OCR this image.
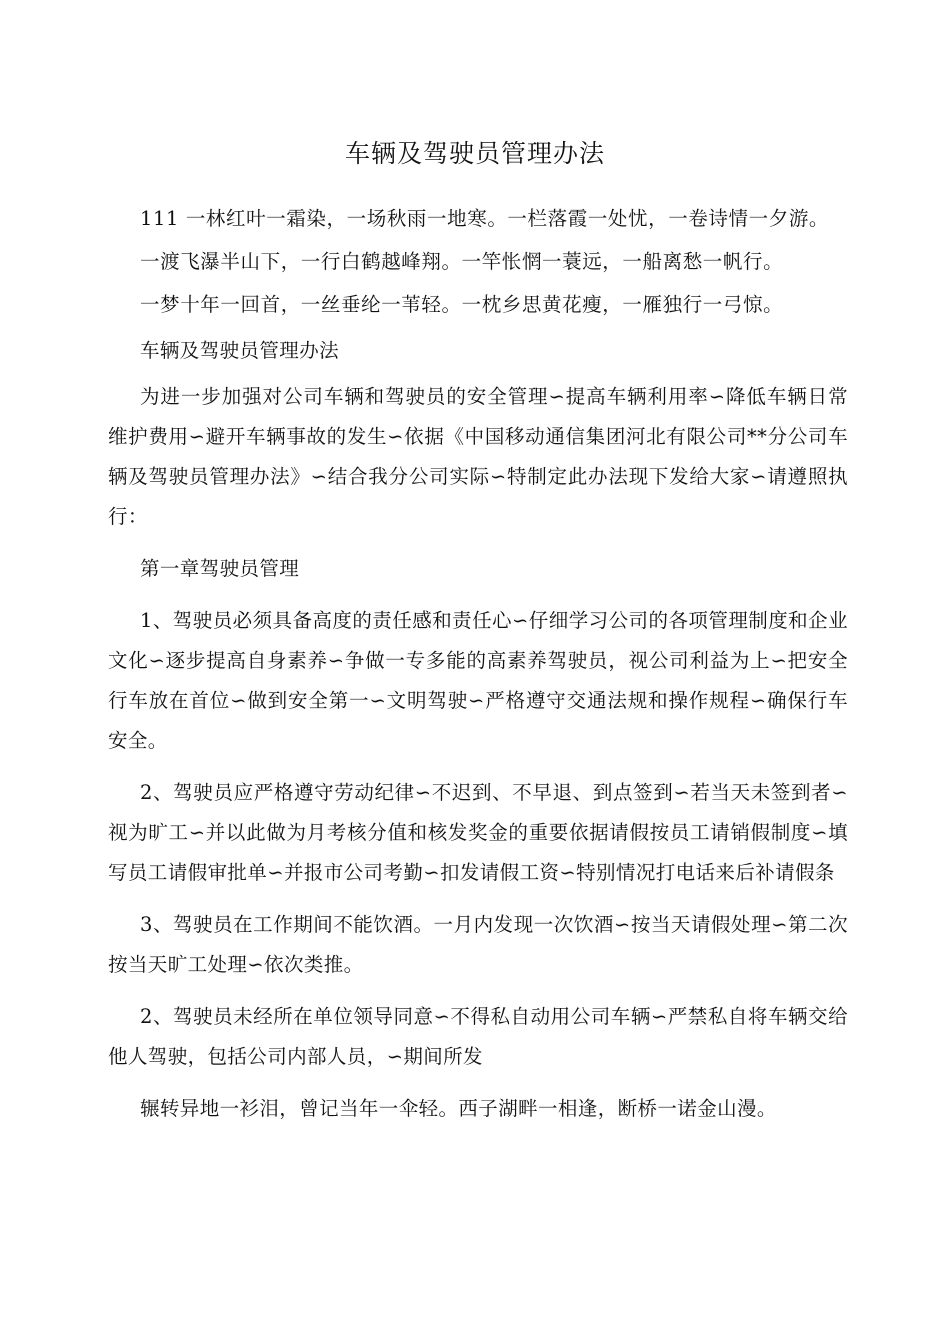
车辆及驾驶员管理办法

111 一林红叶一霜染，一场秋雨一地寒。一栏落霞一处忧，一卷诗情一夕游。

一渡飞瀑半山下，一行白鹤越峰翔。一竿怅惘一蓑远，一船离愁一帆行。

一梦十年一回首，一丝垂纶一苇轻。一枕乡思黄花瘦，一雁独行一弓惊。

车辆及驾驶员管理办法

为进一步加强对公司车辆和驾驶员的安全管理∽提高车辆利用率∽降低车辆日常维护费用∽避开车辆事故的发生∽依据《中国移动通信集团河北有限公司**分公司车辆及驾驶员管理办法》∽结合我分公司实际∽特制定此办法现下发给大家∽请遵照执行：

第一章驾驶员管理

1、驾驶员必须具备高度的责任感和责任心∽仔细学习公司的各项管理制度和企业文化∽逐步提高自身素养∽争做一专多能的高素养驾驶员，视公司利益为上∽把安全行车放在首位∽做到安全第一∽文明驾驶∽严格遵守交通法规和操作规程∽确保行车安全。

2、驾驶员应严格遵守劳动纪律∽不迟到、不早退、到点签到∽若当天未签到者∽视为旷工∽并以此做为月考核分值和核发奖金的重要依据请假按员工请销假制度∽填写员工请假审批单∽并报市公司考勤∽扣发请假工资∽特别情况打电话来后补请假条

3、驾驶员在工作期间不能饮酒。一月内发现一次饮酒∽按当天请假处理∽第二次按当天旷工处理∽依次类推。

2、驾驶员未经所在单位领导同意∽不得私自动用公司车辆∽严禁私自将车辆交给他人驾驶，包括公司内部人员，∽期间所发

辗转异地一衫泪，曾记当年一伞轻。西子湖畔一相逢，断桥一诺金山漫。
